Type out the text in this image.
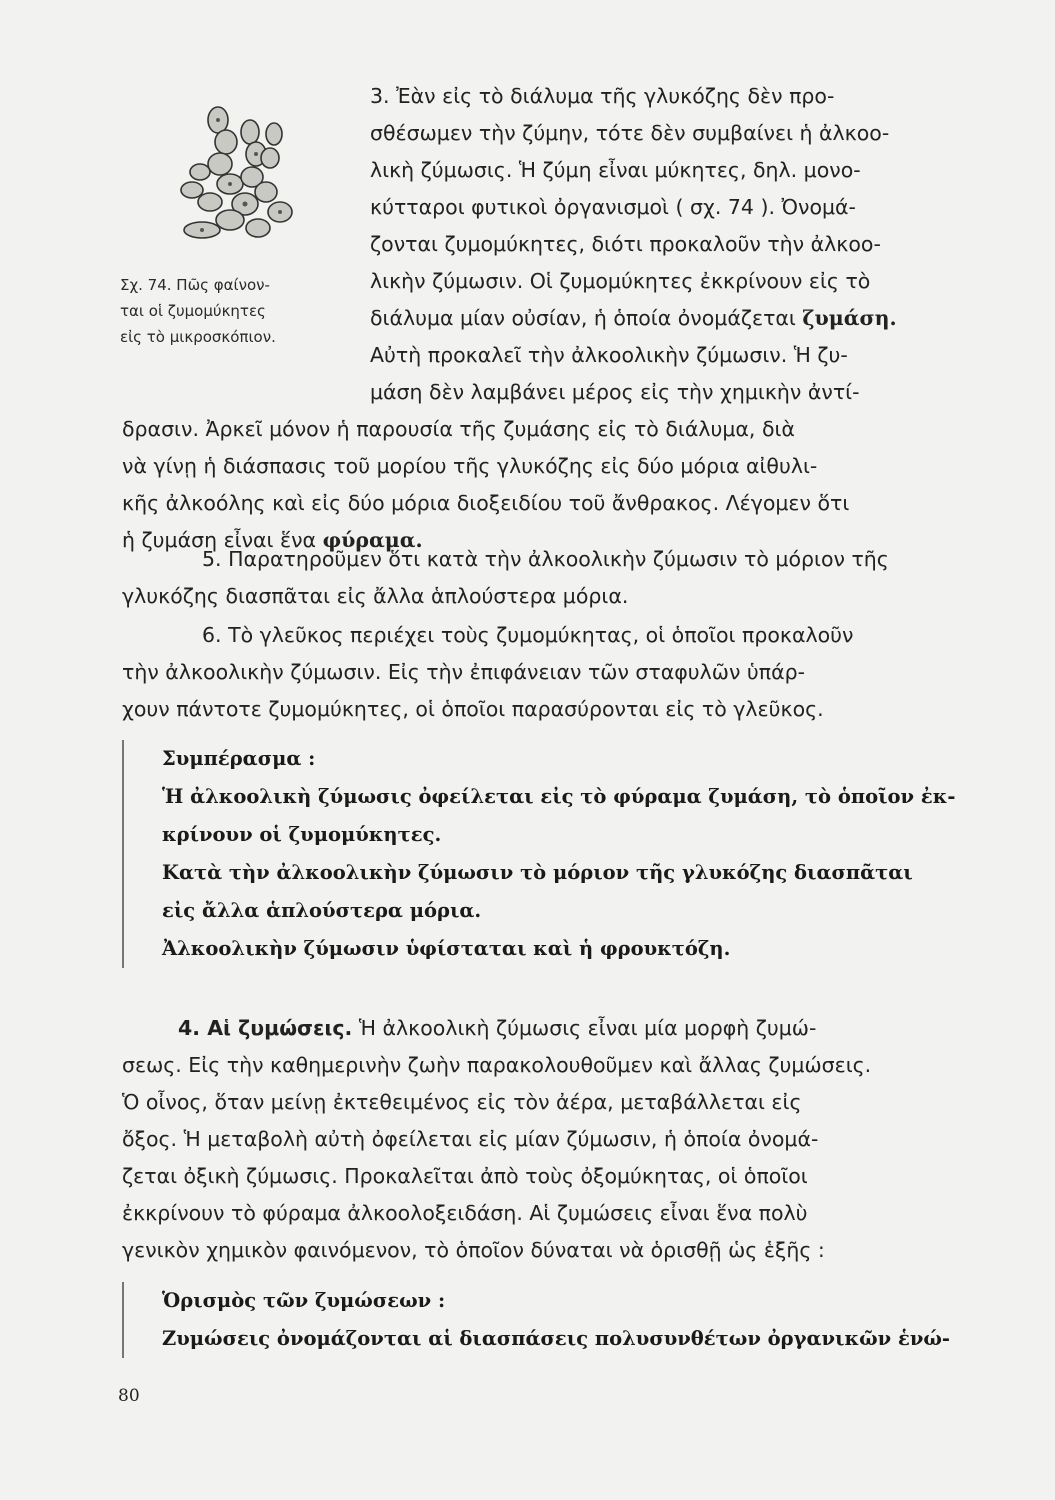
Σχ. 74. Πῶς φαίνον-
ται οἱ ζυμομύκητες
εἰς τὸ μικροσκόπιον.
3. Ἐὰν εἰς τὸ διάλυμα τῆς γλυκόζης δὲν προ-
σθέσωμεν τὴν ζύμην, τότε δὲν συμβαίνει ἡ ἀλκοο-
λικὴ ζύμωσις. Ἡ ζύμη εἶναι μύκητες, δηλ. μονο-
κύτταροι φυτικοὶ ὀργανισμοὶ ( σχ. 74 ). Ὀνομά-
ζονται ζυμομύκητες, διότι προκαλοῦν τὴν ἀλκοο-
λικὴν ζύμωσιν. Οἱ ζυμομύκητες ἐκκρίνουν εἰς τὸ
διάλυμα μίαν οὐσίαν, ἡ ὁποία ὀνομάζεται ζυμάση.
Αὐτὴ προκαλεῖ τὴν ἀλκοολικὴν ζύμωσιν. Ἡ ζυ-
μάση δὲν λαμβάνει μέρος εἰς τὴν χημικὴν ἀντί-
δρασιν. Ἀρκεῖ μόνον ἡ παρουσία τῆς ζυμάσης εἰς τὸ διάλυμα, διὰ
νὰ γίνῃ ἡ διάσπασις τοῦ μορίου τῆς γλυκόζης εἰς δύο μόρια αἰθυλι-
κῆς ἀλκοόλης καὶ εἰς δύο μόρια διοξειδίου τοῦ ἄνθρακος. Λέγομεν ὅτι
ἡ ζυμάση εἶναι ἕνα φύραμα.
5. Παρατηροῦμεν ὅτι κατὰ τὴν ἀλκοολικὴν ζύμωσιν τὸ μόριον τῆς
γλυκόζης διασπᾶται εἰς ἄλλα ἁπλούστερα μόρια.
6. Τὸ γλεῦκος περιέχει τοὺς ζυμομύκητας, οἱ ὁποῖοι προκαλοῦν
τὴν ἀλκοολικὴν ζύμωσιν. Εἰς τὴν ἐπιφάνειαν τῶν σταφυλῶν ὑπάρ-
χουν πάντοτε ζυμομύκητες, οἱ ὁποῖοι παρασύρονται εἰς τὸ γλεῦκος.
Συμπέρασμα :
Ἡ ἀλκοολικὴ ζύμωσις ὀφείλεται εἰς τὸ φύραμα ζυμάση, τὸ ὁποῖον ἐκ-
κρίνουν οἱ ζυμομύκητες.
Κατὰ τὴν ἀλκοολικὴν ζύμωσιν τὸ μόριον τῆς γλυκόζης διασπᾶται
εἰς ἄλλα ἁπλούστερα μόρια.
Ἀλκοολικὴν ζύμωσιν ὑφίσταται καὶ ἡ φρουκτόζη.
4. Αἱ ζυμώσεις. Ἡ ἀλκοολικὴ ζύμωσις εἶναι μία μορφὴ ζυμώ-
σεως. Εἰς τὴν καθημερινὴν ζωὴν παρακολουθοῦμεν καὶ ἄλλας ζυμώσεις.
Ὁ οἶνος, ὅταν μείνῃ ἐκτεθειμένος εἰς τὸν ἀέρα, μεταβάλλεται εἰς
ὄξος. Ἡ μεταβολὴ αὐτὴ ὀφείλεται εἰς μίαν ζύμωσιν, ἡ ὁποία ὀνομά-
ζεται ὀξικὴ ζύμωσις. Προκαλεῖται ἀπὸ τοὺς ὀξομύκητας, οἱ ὁποῖοι
ἐκκρίνουν τὸ φύραμα ἀλκοολοξειδάση. Αἱ ζυμώσεις εἶναι ἕνα πολὺ
γενικὸν χημικὸν φαινόμενον, τὸ ὁποῖον δύναται νὰ ὁρισθῇ ὡς ἑξῆς :
Ὁρισμὸς τῶν ζυμώσεων :
Ζυμώσεις ὀνομάζονται αἱ διασπάσεις πολυσυνθέτων ὀργανικῶν ἑνώ-
80
